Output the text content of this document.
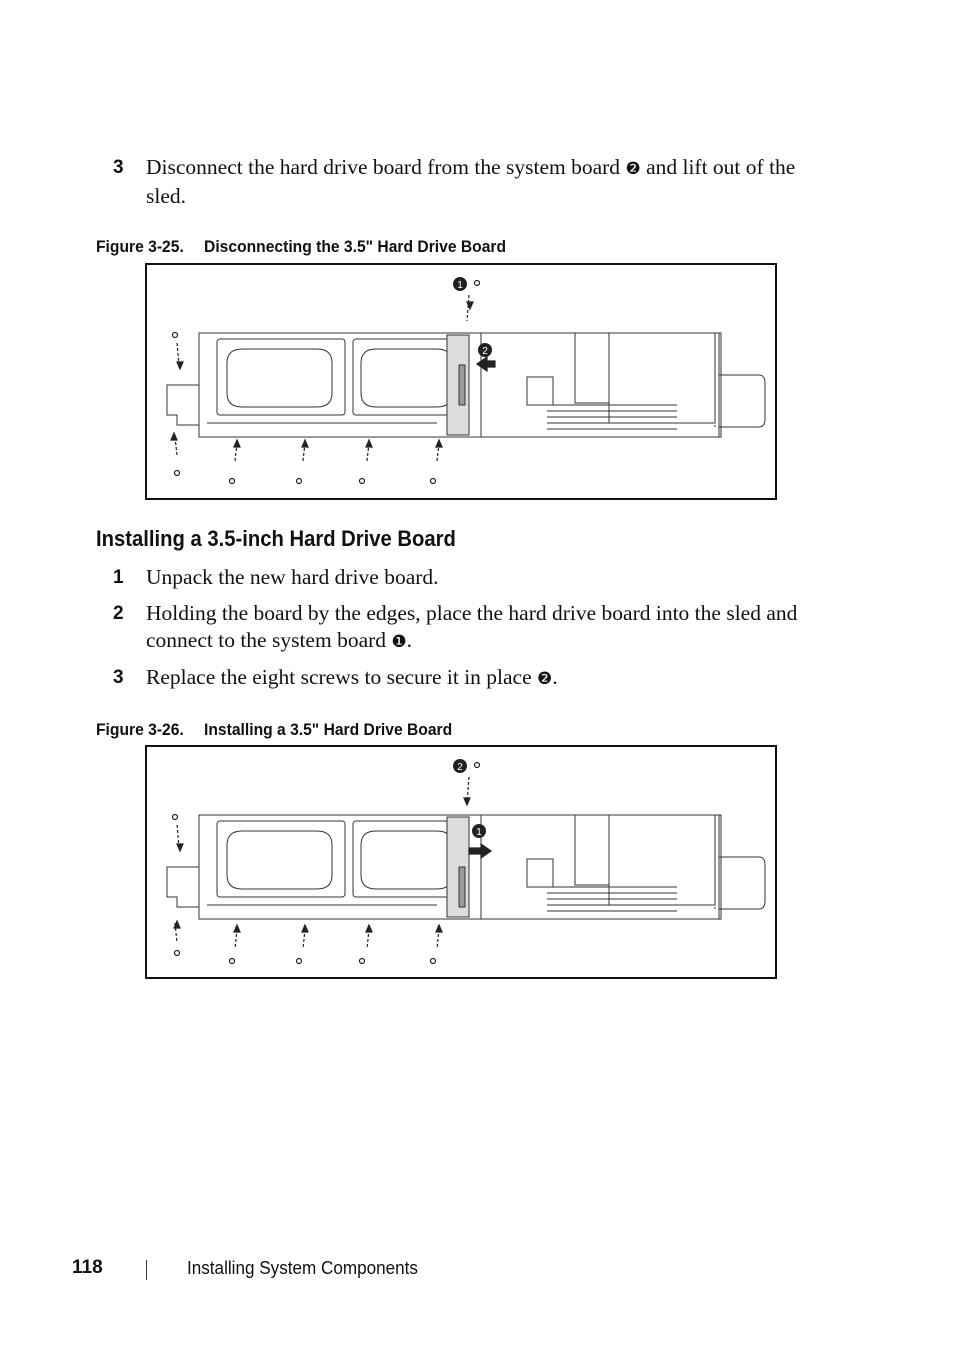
3 Disconnect the hard drive board from the system board ❷ and lift out of the sled.
Figure 3-25. Disconnecting the 3.5" Hard Drive Board
1
2
Installing a 3.5-inch Hard Drive Board
1 Unpack the new hard drive board.
2 Holding the board by the edges, place the hard drive board into the sled and connect to the system board ❶.
3 Replace the eight screws to secure it in place ❷.
Figure 3-26. Installing a 3.5" Hard Drive Board
2
1
118	Installing System Components
